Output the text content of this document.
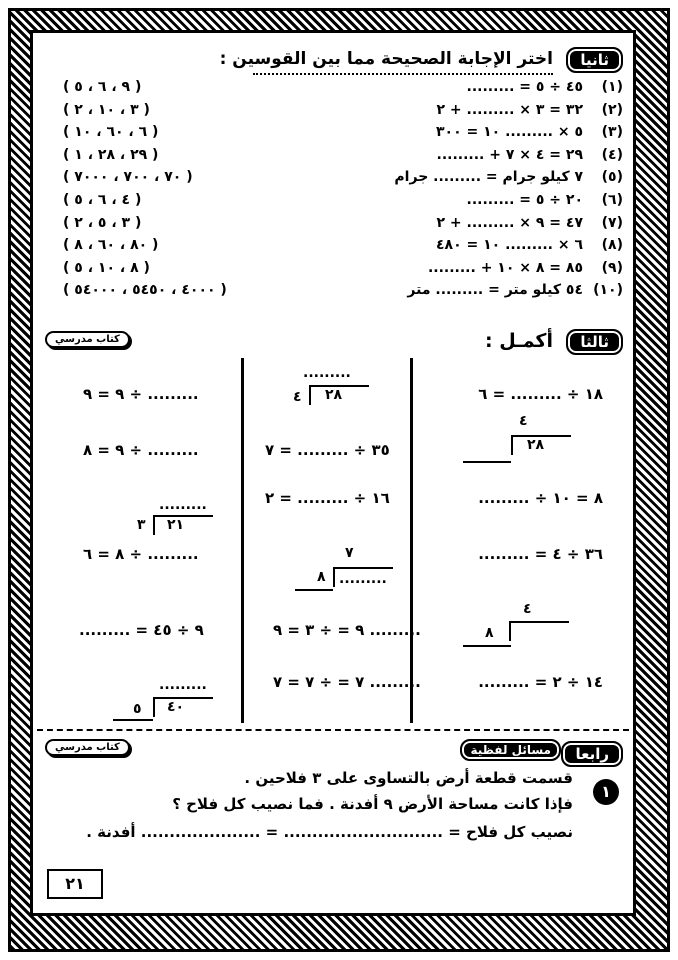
ثانيا
اختر الإجابة الصحيحة مما بين القوسين :
(١)
٤٥ ÷ ٥ = .........
( ٩ ، ٦ ، ٥ )
(٢)
٣٢ = ٣ × ......... + ٢
( ٣ ، ١٠ ، ٢ )
(٣)
٥ × ......... ١٠ = ٣٠٠
( ٦ ، ٦٠ ، ١٠ )
(٤)
٢٩ = ٤ × ٧ + .........
( ٢٩ ، ٢٨ ، ١ )
(٥)
٧ كيلو جرام = ......... جرام
( ٧٠ ، ٧٠٠ ، ٧٠٠٠ )
(٦)
٢٠ ÷ ٥ = .........
( ٤ ، ٦ ، ٥ )
(٧)
٤٧ = ٩ × ......... + ٢
( ٣ ، ٥ ، ٢ )
(٨)
٦ × ......... ١٠ = ٤٨٠
( ٨٠ ، ٦٠ ، ٨ )
(٩)
٨٥ = ٨ × ١٠ + .........
( ٨ ، ١٠ ، ٥ )
(١٠)
٥٤ كيلو متر = ......... متر
( ٤٠٠٠ ، ٥٤٥٠ ، ٥٤٠٠٠ )
كتاب مدرسي	ثالثا
أكمـل :
١٨ ÷ ......... = ٦
٤
٢٨
٨ = ١٠ ÷ .........
٣٦ ÷ ٤ = .........
٤
٨
١٤ ÷ ٢ = .........
.........
٢٨
٤
٣٥ ÷ ......... = ٧
١٦ ÷ ......... = ٢
٧
٨ .........
٩ = ÷ ٣ = ٩ .........
٧ = ÷ ٧ = ٧ .........
٩ = ٩ ÷ .........
٩ = ٨ ÷ .........
.........
٢١
٣
٨ = ٦ ÷ .........
......... = ٩ ÷ ٤٥
.........
٤٠
٥
كتاب مدرسي	رابعا
مسائل لفظية
١
قسمت قطعة أرض بالتساوى على ٣ فلاحين .
فإذا كانت مساحة الأرض ٩ أفدنة . فما نصيب كل فلاح ؟
نصيب كل فلاح = ............................ = ..................... أفدنة .
٢١
